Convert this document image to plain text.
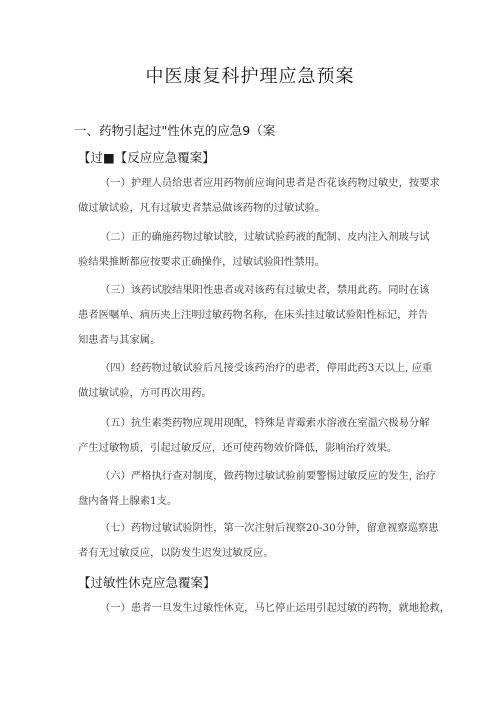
中医康复科护理应急预案
一、药物引起过"性休克的应急9（案
【过■【反应应急覆案】
（一）护理人员给患者应用药物前应询问患者是否花该药物过敏史，按要求
做过敏试验，凡有过敏史者禁忌做该药物的过敏试验。
（二）正的确施药物过敏试胶，过敏试验药液的配制、皮内注入剂玻与试
验结果推断都应按要求正确操作，过敏试验阳性禁用。
（三）该药试胶结果阳性患者或对该药有过敏史者，禁用此药。同时在该
患者医嘱单、病历夹上注明过敏药物名称，在床头挂过敏试验阳性标记，并告
知患者与其家属。
（四）经药物过敏试验后凡接受该药治疗的患者，停用此药3天以上, 应重
做过敏试验，方可再次用药。
（五）抗生素类药物应现用现配，特殊是青霉索水溶液在室温穴极易分解
产生过敏物质，引起过敏反应，还可使药物效价降低，影响治疗效果。
（六）严格执行查对制度，做药物过敏试验前要警惕过敏反应的发生, 治疗
盘内备肾上腺素1支。
（七）药物过敏试验阴性，第一次注射后视察20-30分钟，留意视察巡察患
者有无过敏反应，以防发生迟发过敏反应。
【过敏性休克应急覆案】
（一）患者一旦发生过敏性休克，马匕停止运用引起过敏的药物，就地抢救，
